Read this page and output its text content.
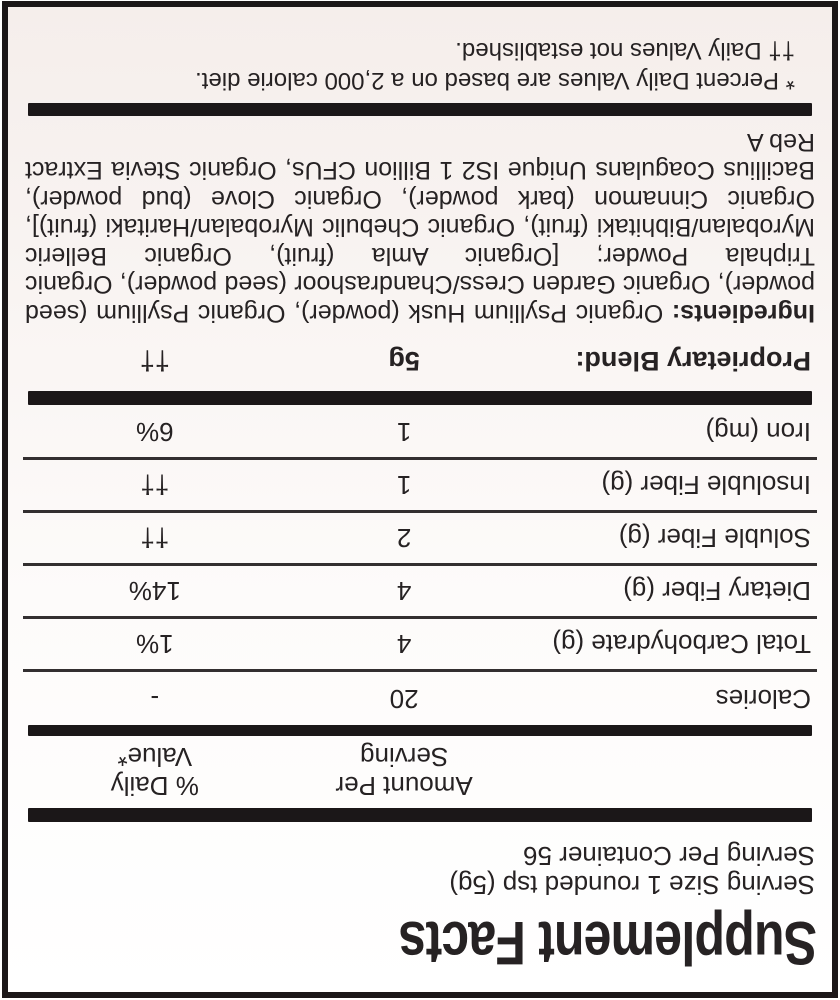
Supplement Facts
Serving Size 1 rounded tsp (5g)
Serving Per Container 56
Amount Per
Serving
% Daily
Value*
Calories
20
-
Total Carbohydrate (g)
4
1%
Dietary Fiber (g)
4
14%
Soluble Fiber (g)
2
††
Insoluble Fiber (g)
1
††
Iron (mg)
1
6%
Proprietary Blend:
5g
††

Ingredients: Organic Psyllium Husk (powder), Organic Psyllium (seed powder), Organic Garden Cress/Chandrashoor (seed powder), Organic Triphala Powder; [Organic Amla (fruit), Organic Belleric Myrobalan/Bibhitaki (fruit), Organic Chebulic Myrobalan/Haritaki (fruit)], Organic Cinnamon (bark powder), Organic Clove (bud powder), Bacillius Coagulans Unique IS2 1 Billion CFUs, Organic Stevia Extract Reb A

* Percent Daily Values are based on a 2,000 calorie diet.
†† Daily Values not established.
